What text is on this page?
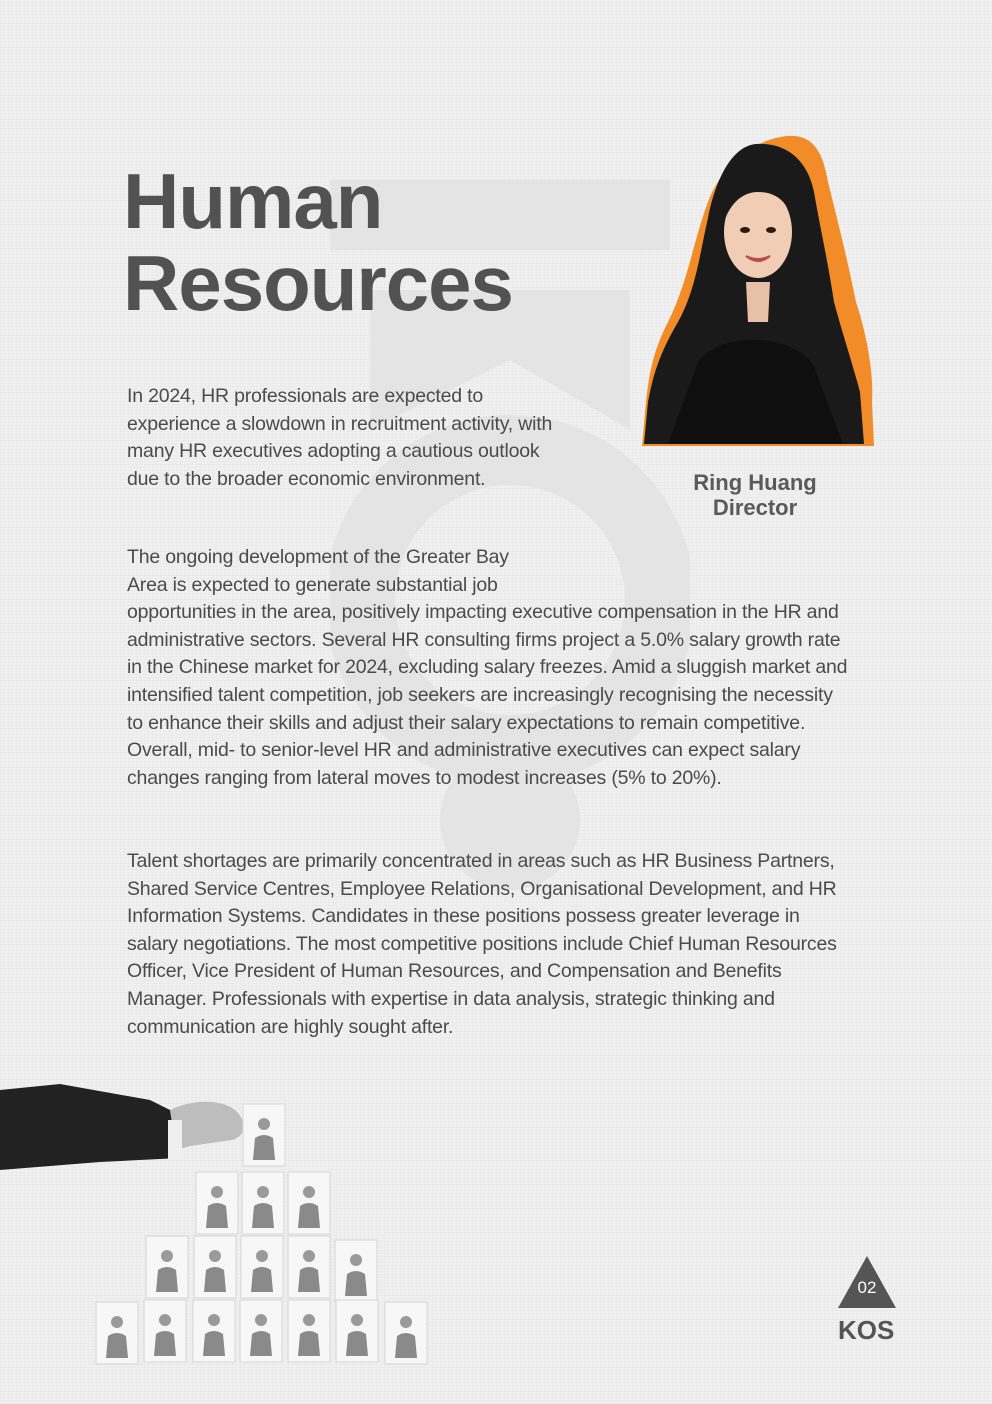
Human
Resources
Ring Huang
Director

In 2024, HR professionals are expected to experience a slowdown in recruitment activity, with many HR executives adopting a cautious outlook due to the broader economic environment.

The ongoing development of the Greater Bay Area is expected to generate substantial job
opportunities in the area, positively impacting executive compensation in the HR and administrative sectors. Several HR consulting firms project a 5.0% salary growth rate in the Chinese market for 2024, excluding salary freezes. Amid a sluggish market and intensified talent competition, job seekers are increasingly recognising the necessity to enhance their skills and adjust their salary expectations to remain competitive. Overall, mid- to senior-level HR and administrative executives can expect salary changes ranging from lateral moves to modest increases (5% to 20%).

Talent shortages are primarily concentrated in areas such as HR Business Partners, Shared Service Centres, Employee Relations, Organisational Development, and HR Information Systems. Candidates in these positions possess greater leverage in salary negotiations. The most competitive positions include Chief Human Resources Officer, Vice President of Human Resources, and Compensation and Benefits Manager. Professionals with expertise in data analysis, strategic thinking and communication are highly sought after.

02
KOS
